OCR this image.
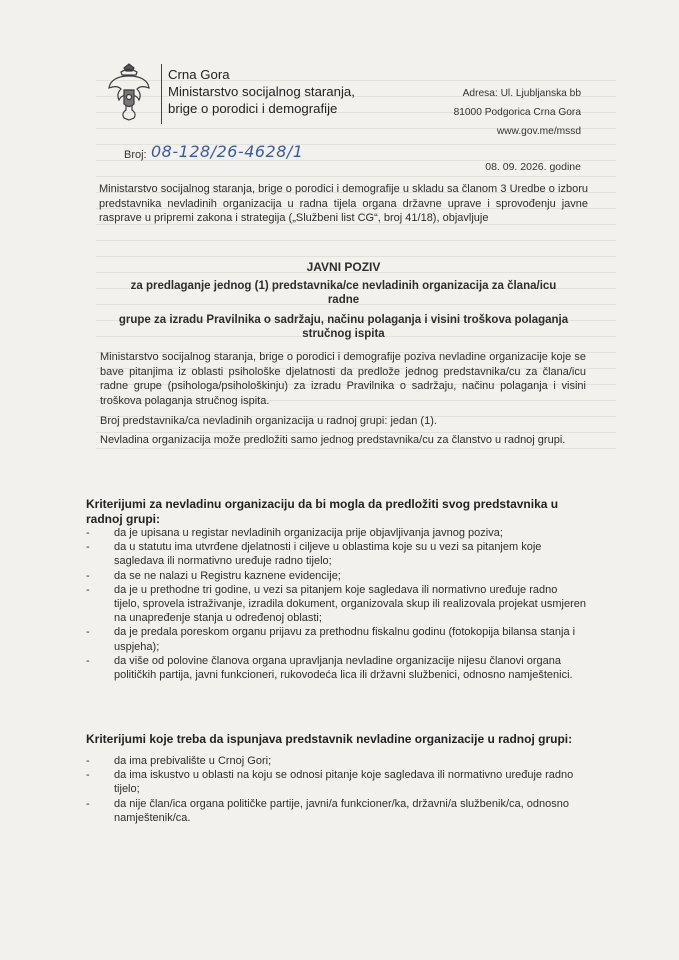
Crna Gora
Ministarstvo socijalnog staranja,
brige o porodici i demografije
Adresa: Ul. Ljubljanska bb
81000 Podgorica Crna Gora
www.gov.me/mssd
Broj: 08-128/26-4628/1
08. 09. 2026. godine
Ministarstvo socijalnog staranja, brige o porodici i demografije u skladu sa članom 3 Uredbe o izboru predstavnika nevladinih organizacija u radna tijela organa državne uprave i sprovođenju javne rasprave u pripremi zakona i strategija („Službeni list CG“, broj 41/18), objavljuje
JAVNI POZIV
za predlaganje jednog (1) predstavnika/ce nevladinih organizacija za člana/icu
radne
grupe za izradu Pravilnika o sadržaju, načinu polaganja i visini troškova polaganja
stručnog ispita
Ministarstvo socijalnog staranja, brige o porodici i demografije poziva nevladine organizacije koje se bave pitanjima iz oblasti psihološke djelatnosti da predlože jednog predstavnika/cu za člana/icu radne grupe (psihologa/psihološkinju) za izradu Pravilnika o sadržaju, načinu polaganja i visini troškova polaganja stručnog ispita.
Broj predstavnika/ca nevladinih organizacija u radnoj grupi: jedan (1).
Nevladina organizacija može predložiti samo jednog predstavnika/cu za članstvo u radnoj grupi.
Kriterijumi za nevladinu organizaciju da bi mogla da predložiti svog predstavnika u radnoj grupi:
- da je upisana u registar nevladinih organizacija prije objavljivanja javnog poziva;
- da u statutu ima utvrđene djelatnosti i ciljeve u oblastima koje su u vezi sa pitanjem koje sagledava ili normativno uređuje radno tijelo;
- da se ne nalazi u Registru kaznene evidencije;
- da je u prethodne tri godine, u vezi sa pitanjem koje sagledava ili normativno uređuje radno tijelo, sprovela istraživanje, izradila dokument, organizovala skup ili realizovala projekat usmjeren na unapređenje stanja u određenoj oblasti;
- da je predala poreskom organu prijavu za prethodnu fiskalnu godinu (fotokopija bilansa stanja i uspjeha);
- da više od polovine članova organa upravljanja nevladine organizacije nijesu članovi organa političkih partija, javni funkcioneri, rukovodeća lica ili državni službenici, odnosno namještenici.
Kriterijumi koje treba da ispunjava predstavnik nevladine organizacije u radnoj grupi:
- da ima prebivalište u Crnoj Gori;
- da ima iskustvo u oblasti na koju se odnosi pitanje koje sagledava ili normativno uređuje radno tijelo;
- da nije član/ica organa političke partije, javni/a funkcioner/ka, državni/a službenik/ca, odnosno namještenik/ca.
